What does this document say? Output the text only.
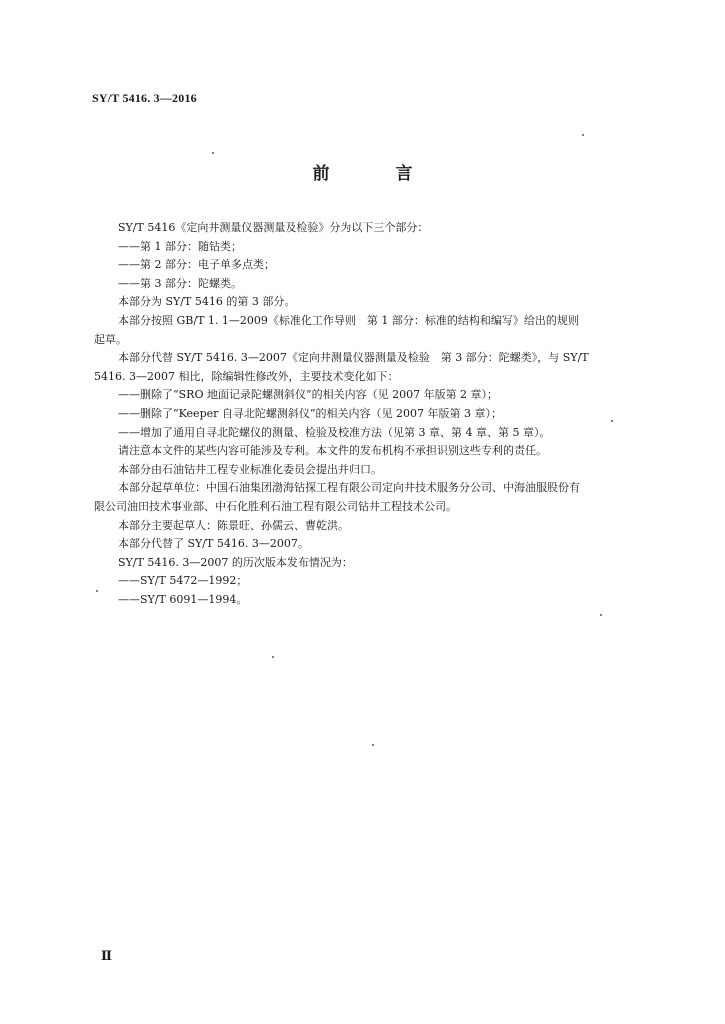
SY/T 5416. 3—2016
前 言
SY/T 5416《定向井测量仪器测量及检验》分为以下三个部分：
——第 1 部分：随钻类；
——第 2 部分：电子单多点类；
——第 3 部分：陀螺类。
本部分为 SY/T 5416 的第 3 部分。
本部分按照 GB/T 1. 1—2009《标准化工作导则　第 1 部分：标准的结构和编写》给出的规则
起草。
本部分代替 SY/T 5416. 3—2007《定向井测量仪器测量及检验　第 3 部分：陀螺类》，与 SY/T
5416. 3—2007 相比，除编辑性修改外，主要技术变化如下：
——删除了“SRO 地面记录陀螺测斜仪”的相关内容（见 2007 年版第 2 章）；
——删除了“Keeper 自寻北陀螺测斜仪”的相关内容（见 2007 年版第 3 章）；
——增加了通用自寻北陀螺仪的测量、检验及校准方法（见第 3 章、第 4 章、第 5 章）。
请注意本文件的某些内容可能涉及专利。本文件的发布机构不承担识别这些专利的责任。
本部分由石油钻井工程专业标准化委员会提出并归口。
本部分起草单位：中国石油集团渤海钻探工程有限公司定向井技术服务分公司、中海油服股份有
限公司油田技术事业部、中石化胜利石油工程有限公司钻井工程技术公司。
本部分主要起草人：陈景旺、孙儒云、曹乾洪。
本部分代替了 SY/T 5416. 3—2007。
SY/T 5416. 3—2007 的历次版本发布情况为：
——SY/T 5472—1992；
——SY/T 6091—1994。
Ⅱ
